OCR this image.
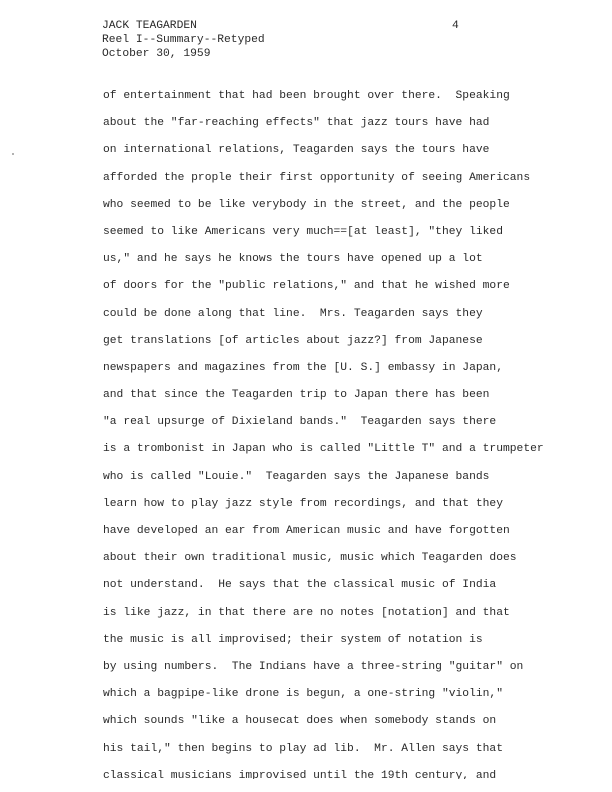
JACK TEAGARDEN
Reel I--Summary--Retyped
October 30, 1959
4
of entertainment that had been brought over there.  Speaking
about the "far-reaching effects" that jazz tours have had
on international relations, Teagarden says the tours have
afforded the prople their first opportunity of seeing Americans
who seemed to be like verybody in the street, and the people
seemed to like Americans very much==[at least], "they liked
us," and he says he knows the tours have opened up a lot
of doors for the "public relations," and that he wished more
could be done along that line.  Mrs. Teagarden says they
get translations [of articles about jazz?] from Japanese
newspapers and magazines from the [U. S.] embassy in Japan,
and that since the Teagarden trip to Japan there has been
"a real upsurge of Dixieland bands."  Teagarden says there
is a trombonist in Japan who is called "Little T" and a trumpeter
who is called "Louie."  Teagarden says the Japanese bands
learn how to play jazz style from recordings, and that they
have developed an ear from American music and have forgotten
about their own traditional music, music which Teagarden does
not understand.  He says that the classical music of India
is like jazz, in that there are no notes [notation] and that
the music is all improvised; their system of notation is
by using numbers.  The Indians have a three-string "guitar" on
which a bagpipe-like drone is begun, a one-string "violin,"
which sounds "like a housecat does when somebody stands on
his tail," then begins to play ad lib.  Mr. Allen says that
classical musicians improvised until the 19th century, and
